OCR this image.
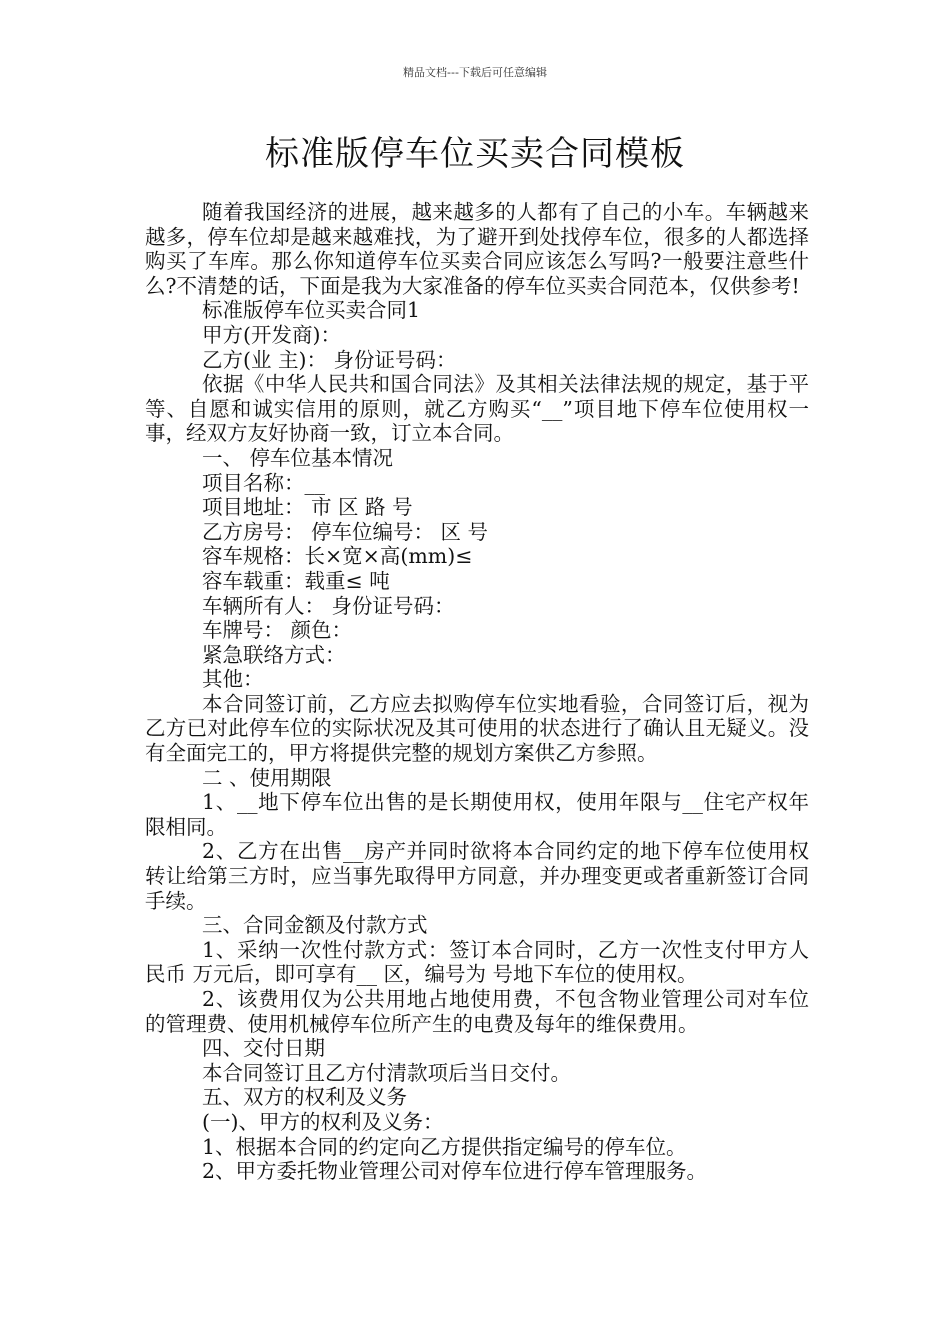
精品文档---下载后可任意编辑
标准版停车位买卖合同模板

随着我国经济的进展，越来越多的人都有了自己的小车。车辆越来越多，停车位却是越来越难找，为了避开到处找停车位，很多的人都选择购买了车库。那么你知道停车位买卖合同应该怎么写吗?一般要注意些什么?不清楚的话，下面是我为大家准备的停车位买卖合同范本，仅供参考!

标准版停车位买卖合同1

甲方(开发商)：

乙方(业 主)： 身份证号码：

依据《中华人民共和国合同法》及其相关法律法规的规定，基于平等、自愿和诚实信用的原则，就乙方购买“__”项目地下停车位使用权一事，经双方友好协商一致，订立本合同。

一、 停车位基本情况

项目名称：__

项目地址： 市 区 路 号

乙方房号： 停车位编号： 区 号

容车规格：长×宽×高(mm)≤

容车载重：载重≤ 吨

车辆所有人： 身份证号码：

车牌号： 颜色：

紧急联络方式：

其他：

本合同签订前，乙方应去拟购停车位实地看验，合同签订后，视为乙方已对此停车位的实际状况及其可使用的状态进行了确认且无疑义。没有全面完工的，甲方将提供完整的规划方案供乙方参照。

二 、使用期限

1、__地下停车位出售的是长期使用权，使用年限与__住宅产权年限相同。

2、乙方在出售__房产并同时欲将本合同约定的地下停车位使用权转让给第三方时，应当事先取得甲方同意，并办理变更或者重新签订合同手续。

三、合同金额及付款方式

1、采纳一次性付款方式：签订本合同时，乙方一次性支付甲方人民币 万元后，即可享有__ 区，编号为 号地下车位的使用权。

2、该费用仅为公共用地占地使用费，不包含物业管理公司对车位的管理费、使用机械停车位所产生的电费及每年的维保费用。

四、交付日期

本合同签订且乙方付清款项后当日交付。

五、双方的权利及义务

(一)、甲方的权利及义务：

1、根据本合同的约定向乙方提供指定编号的停车位。

2、甲方委托物业管理公司对停车位进行停车管理服务。
